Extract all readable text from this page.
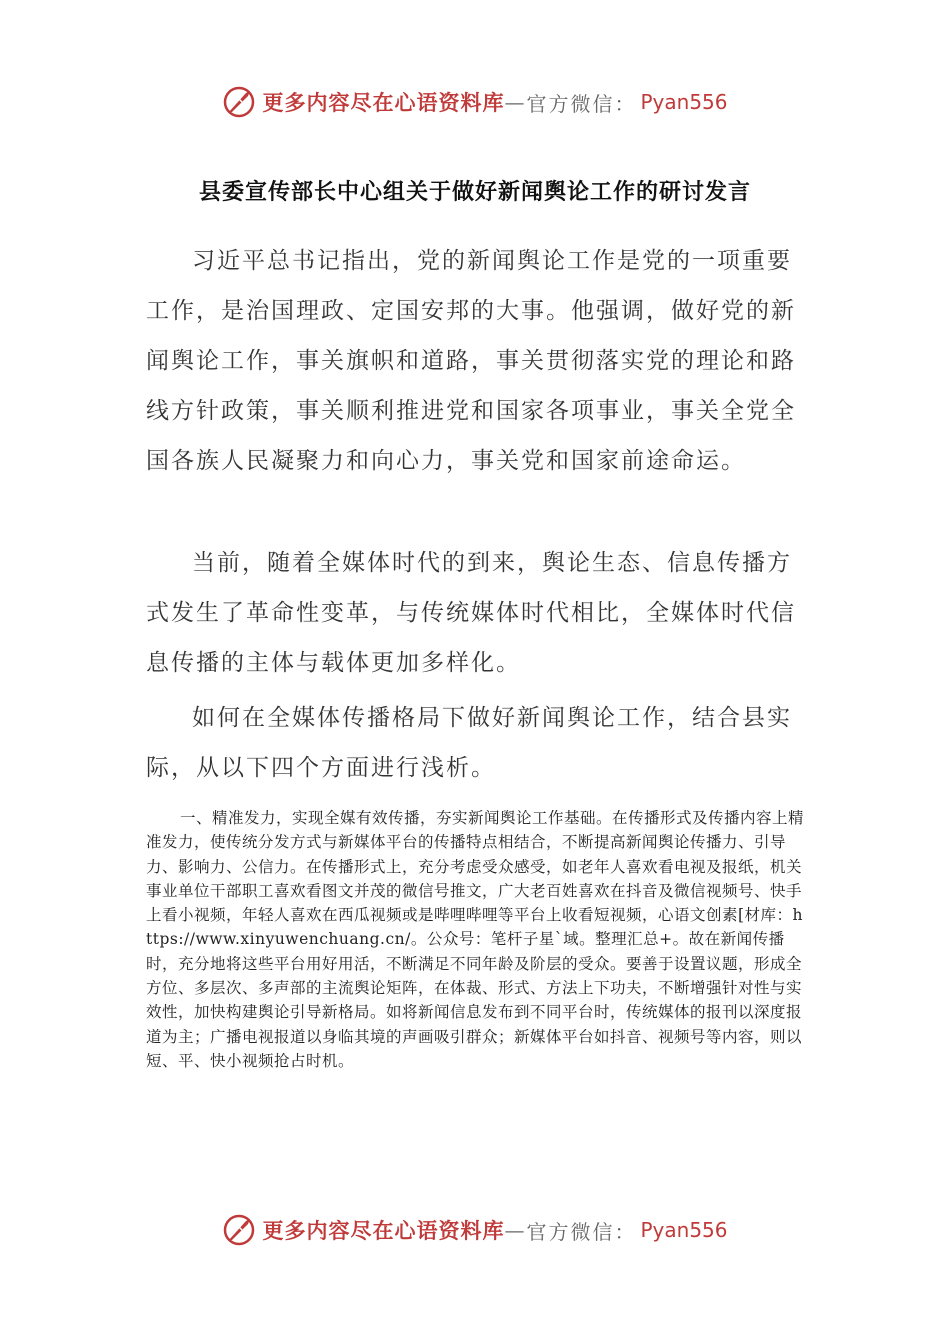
更多内容尽在心语资料库 — 官方微信： Pyan556
县委宣传部长中心组关于做好新闻舆论工作的研讨发言

习近平总书记指出，党的新闻舆论工作是党的一项重要工作，是治国理政、定国安邦的大事。他强调，做好党的新闻舆论工作，事关旗帜和道路，事关贯彻落实党的理论和路线方针政策，事关顺利推进党和国家各项事业，事关全党全国各族人民凝聚力和向心力，事关党和国家前途命运。

当前，随着全媒体时代的到来，舆论生态、信息传播方式发生了革命性变革，与传统媒体时代相比，全媒体时代信息传播的主体与载体更加多样化。

如何在全媒体传播格局下做好新闻舆论工作，结合县实际，从以下四个方面进行浅析。

一、精准发力，实现全媒有效传播，夯实新闻舆论工作基础。在传播形式及传播内容上精准发力，使传统分发方式与新媒体平台的传播特点相结合，不断提高新闻舆论传播力、引导力、影响力、公信力。在传播形式上，充分考虑受众感受，如老年人喜欢看电视及报纸，机关事业单位干部职工喜欢看图文并茂的微信号推文，广大老百姓喜欢在抖音及微信视频号、快手上看小视频，年轻人喜欢在西瓜视频或是哔哩哔哩等平台上收看短视频，心语文创素[材库：https://www.xinyuwenchuang.cn/。公众号：笔杆子星`域。整理汇总+。故在新闻传播时，充分地将这些平台用好用活，不断满足不同年龄及阶层的受众。要善于设置议题，形成全方位、多层次、多声部的主流舆论矩阵，在体裁、形式、方法上下功夫，不断增强针对性与实效性，加快构建舆论引导新格局。如将新闻信息发布到不同平台时，传统媒体的报刊以深度报道为主；广播电视报道以身临其境的声画吸引群众；新媒体平台如抖音、视频号等内容，则以短、平、快小视频抢占时机。

更多内容尽在心语资料库 — 官方微信： Pyan556
